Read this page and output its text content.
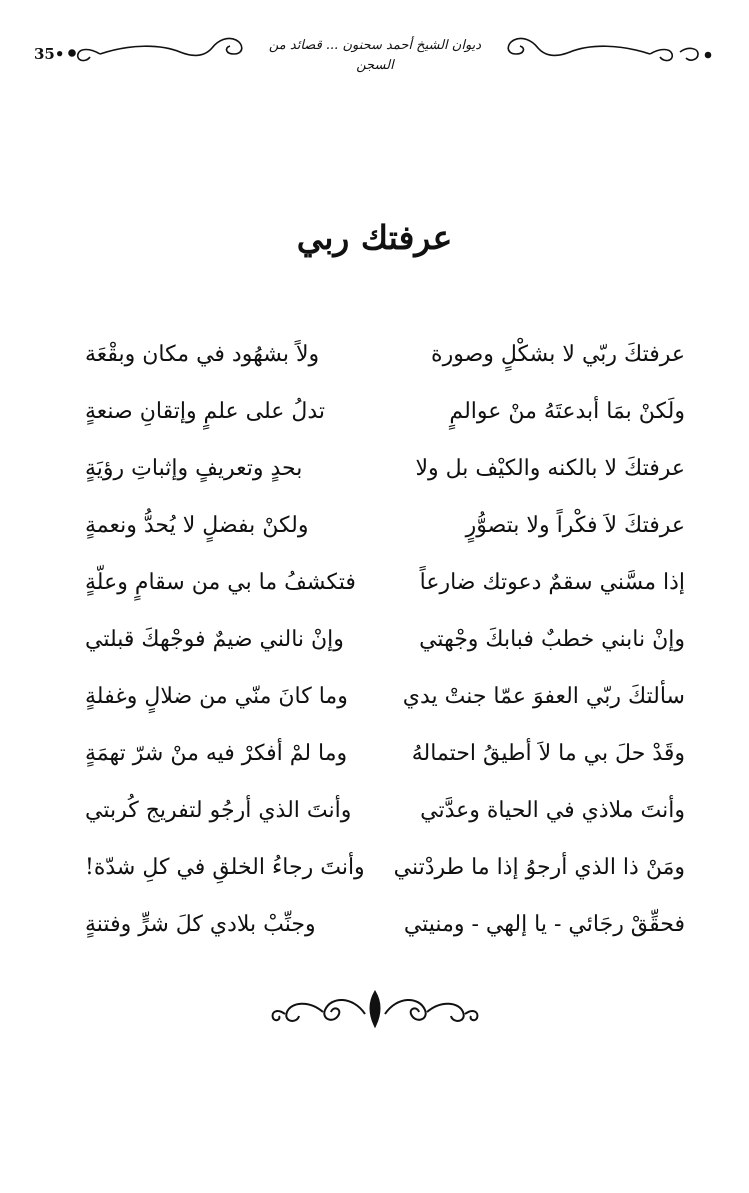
35•	ديوان الشيخ أحمد سحنون ... قصائد من السجن
عرفتك ربي
عرفتكَ ربّي لا بشكْلٍ وصورة
ولاً بشهُود في مكان وبقْعَة
ولَكنْ بمَا أبدعتَهُ منْ عوالمٍ
تدلُ على علمٍ وإتقانِ صنعةٍ
عرفتكَ لا بالكنه والكيْف بل ولا
بحدٍ وتعريفٍ وإثباتِ رؤيَةٍ
عرفتكَ لاَ فكْراً ولا بتصوُّرٍ
ولكنْ بفضلٍ لا يُحدُّ ونعمةٍ
إذا مسَّني سقمٌ دعوتك ضارعاً
فتكشفُ ما بي من سقامٍ وعلّةٍ
وإنْ نابني خطبٌ فبابكَ وجْهتي
وإنْ نالني ضيمٌ فوجْهكَ قبلتي
سألتكَ ربّي العفوَ عمّا جنتْ يدي
وما كانَ منّي من ضلالٍ وغفلةٍ
وقَدْ حلَ بي ما لاَ أطيقُ احتمالهُ
وما لمْ أفكرْ فيه منْ شرّ تهمَةٍ
وأنتَ ملاذي في الحياة وعدَّتي
وأنتَ الذي أرجُو لتفريج كُربتي
ومَنْ ذا الذي أرجوُ إذا ما طردْتني
وأنتَ رجاءُ الخلقِ في كلِ شدّة!
فحقِّقْ رجَائي - يا إلهي - ومنيتي
وجنِّبْ بلادي كلَ شرٍّ وفتنةٍ
